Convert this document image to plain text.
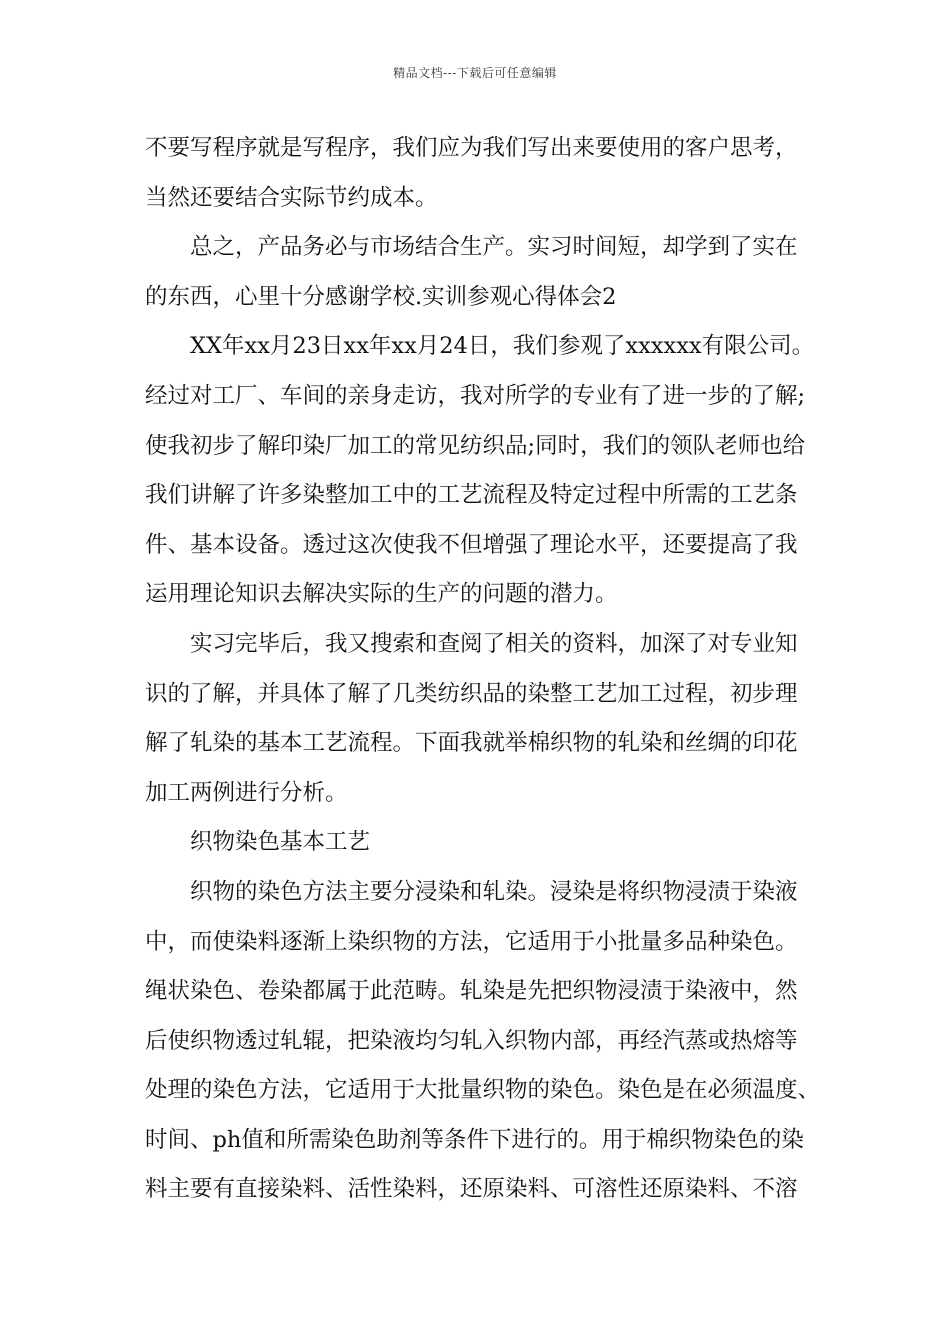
精品文档---下载后可任意编辑
不要写程序就是写程序，我们应为我们写出来要使用的客户思考，
当然还要结合实际节约成本。
总之，产品务必与市场结合生产。实习时间短，却学到了实在
的东西，心里十分感谢学校.实训参观心得体会2
XX年xx月23日xx年xx月24日，我们参观了xxxxxx有限公司。
经过对工厂、车间的亲身走访，我对所学的专业有了进一步的了解;
使我初步了解印染厂加工的常见纺织品;同时，我们的领队老师也给
我们讲解了许多染整加工中的工艺流程及特定过程中所需的工艺条
件、基本设备。透过这次使我不但增强了理论水平，还要提高了我
运用理论知识去解决实际的生产的问题的潜力。
实习完毕后，我又搜索和查阅了相关的资料，加深了对专业知
识的了解，并具体了解了几类纺织品的染整工艺加工过程，初步理
解了轧染的基本工艺流程。下面我就举棉织物的轧染和丝绸的印花
加工两例进行分析。
织物染色基本工艺
织物的染色方法主要分浸染和轧染。浸染是将织物浸渍于染液
中，而使染料逐渐上染织物的方法，它适用于小批量多品种染色。
绳状染色、卷染都属于此范畴。轧染是先把织物浸渍于染液中，然
后使织物透过轧辊，把染液均匀轧入织物内部，再经汽蒸或热熔等
处理的染色方法，它适用于大批量织物的染色。染色是在必须温度、
时间、ph值和所需染色助剂等条件下进行的。用于棉织物染色的染
料主要有直接染料、活性染料，还原染料、可溶性还原染料、不溶
